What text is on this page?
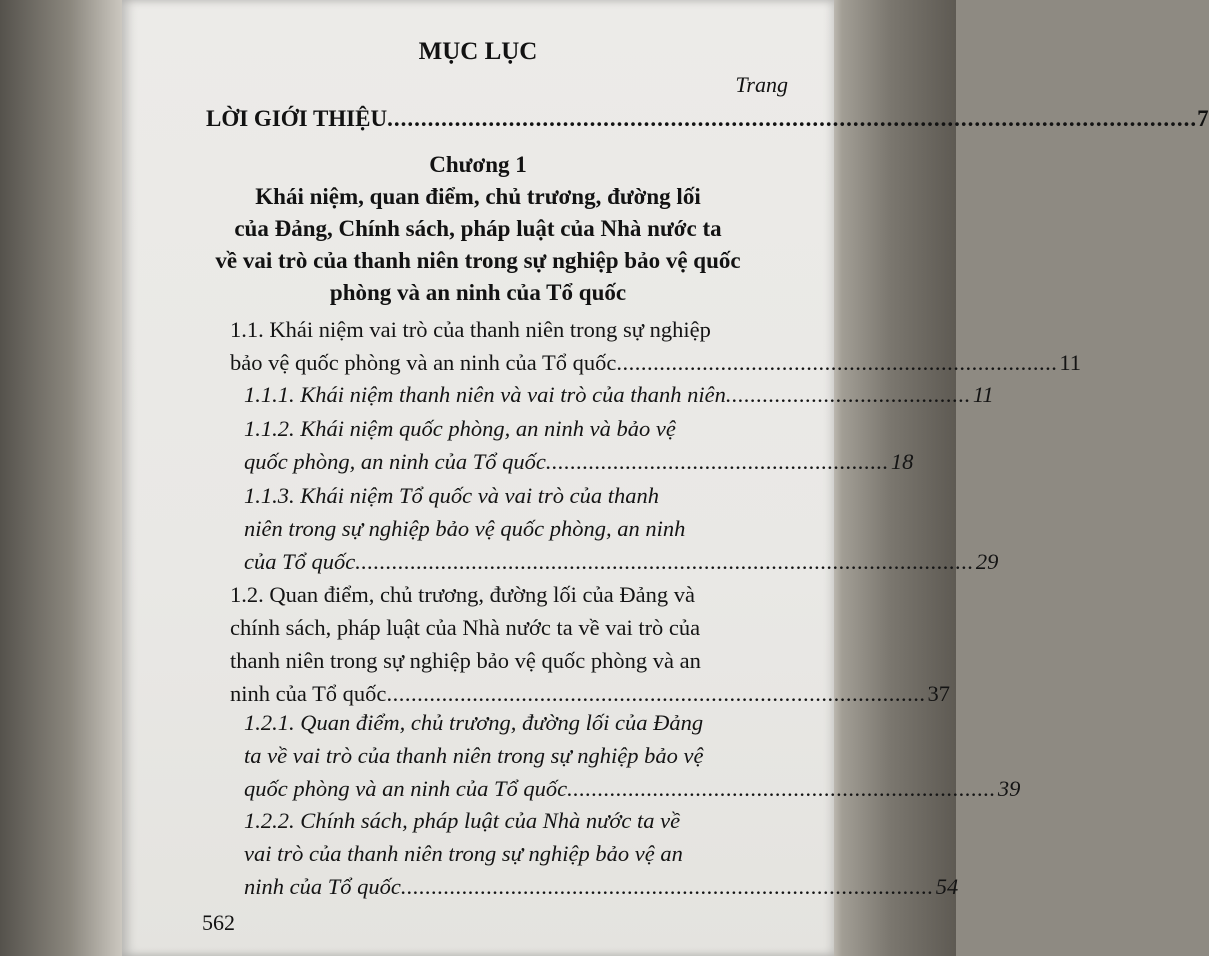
MỤC LỤC
Trang
LỜI GIỚI THIỆU ........................................................................................................................ 7
Chương 1
Khái niệm, quan điểm, chủ trương, đường lối
của Đảng, Chính sách, pháp luật của Nhà nước ta
về vai trò của thanh niên trong sự nghiệp bảo vệ quốc
phòng và an ninh của Tổ quốc
1.1. Khái niệm vai trò của thanh niên trong sự nghiệp
bảo vệ quốc phòng và an ninh của Tổ quốc ........................................................................ 11
1.1.1. Khái niệm thanh niên và vai trò của thanh niên ........................................ 11
1.1.2. Khái niệm quốc phòng, an ninh và bảo vệ
quốc phòng, an ninh của Tổ quốc ........................................................ 18
1.1.3. Khái niệm Tổ quốc và vai trò của thanh
niên trong sự nghiệp bảo vệ quốc phòng, an ninh
của Tổ quốc ..................................................................................................... 29
1.2. Quan điểm, chủ trương, đường lối của Đảng và
chính sách, pháp luật của Nhà nước ta về vai trò của
thanh niên trong sự nghiệp bảo vệ quốc phòng và an
ninh của Tổ quốc ........................................................................................ 37
1.2.1. Quan điểm, chủ trương, đường lối của Đảng
ta về vai trò của thanh niên trong sự nghiệp bảo vệ
quốc phòng và an ninh của Tổ quốc ...................................................................... 39
1.2.2. Chính sách, pháp luật của Nhà nước ta về
vai trò của thanh niên trong sự nghiệp bảo vệ an
ninh của Tổ quốc ....................................................................................... 54
562
